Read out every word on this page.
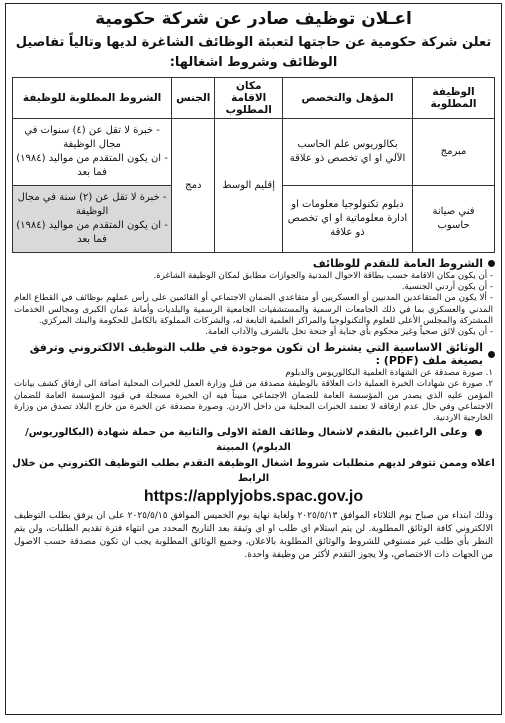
اعـلان توظيف صادر عن شركة حكومية
تعلن شركة حكومية عن حاجتها لتعبئة الوظائف الشاغرة لديها وتالياً تفاصيل الوظائف وشروط اشغالها:
الوظيفة المطلوبة	المؤهل والتخصص	مكان الاقامة المطلوب	الجنس	الشروط المطلوبة للوظيفة
مبرمج	بكالوريوس علم الحاسب الآلي او اي تخصص ذو علاقة	إقليم الوسط	دمج	- خبرة لا تقل عن (٤) سنوات في مجال الوظيفة
- ان يكون المتقدم من مواليد (١٩٨٤) فما بعد

فني صيانة حاسوب	دبلوم تكنولوجيا معلومات او ادارة معلوماتية او اي تخصص ذو علاقة			- خبرة لا تقل عن (٢) سنة في مجال الوظيفة
- ان يكون المتقدم من مواليد (١٩٨٤) فما بعد
الشروط العامة للتقدم للوظائف

- أن يكون مكان الاقامة حسب بطاقة الاحوال المدنية والجوازات مطابق لمكان الوظيفة الشاغرة.

- أن يكون أردني الجنسية.

- ألا يكون من المتقاعدين المدنيين أو العسكريين أو متقاعدي الضمان الاجتماعي أو القائمين على رأس عملهم بوظائف في القطاع العام المدني والعسكري بما في ذلك الجامعات الرسمية والمستشفيات الجامعية الرسمية والبلديات وأمانة عمان الكبرى ومجالس الخدمات المشتركة والمجلس الأعلى للعلوم والتكنولوجيا والمراكز العلمية التابعة له، والشركات المملوكة بالكامل للحكومة والبنك المركزي.

- أن يكون لائق صحياً وغير محكوم بأي جناية أو جنحة تخل بالشرف والآداب العامة.

الوثائق الاساسية التي يشترط ان تكون موجودة في طلب التوظيف الالكتروني وترفق بصيغة ملف (PDF) :

١. صورة مصدقة عن الشهادة العلمية البكالوريوس والدبلوم

٢. صورة عن شهادات الخبرة العملية ذات العلاقة بالوظيفة مصدقة من قبل وزارة العمل للخبرات المحلية اضافة الى ارفاق كشف بيانات المؤمن عليه الذي يصدر من المؤسسة العامة للضمان الاجتماعي مبيناً فيه ان الخبرة مسجلة في قيود المؤسسة العامة للضمان الاجتماعي وفي حال عدم ارفاقه لا تعتمد الخبرات المحلية من داخل الاردن. وصورة مصدقة عن الخبرة من خارج البلاد تصدق من وزارة الخارجية الاردنية.

وعلى الراغبين بالتقدم لاشغال وظائف الفئة الاولى والثانية من حملة شهادة (البكالوريوس/ الدبلوم) المبينة
اعلاه وممن تتوفر لديهم متطلبات شروط اشغال الوظيفة التقدم بطلب التوظيف الكتروني من خلال الرابط
https://applyjobs.spac.gov.jo

وذلك ابتداء من صباح يوم الثلاثاء الموافق ٢٠٢٥/٥/١٣ ولغاية نهاية يوم الخميس الموافق ٢٠٢٥/٥/١٥ على ان يرفق بطلب التوظيف الالكتروني كافة الوثائق المطلوبة. لن يتم استلام اي طلب او اي وثيقة بعد التاريخ المحدد من انتهاء فترة تقديم الطلبات، ولن يتم النظر بأي طلب غير مستوفي للشروط والوثائق المطلوبة بالاعلان، وجميع الوثائق المطلوبة يجب ان تكون مصدقة حسب الاصول من الجهات ذات الاختصاص، ولا يجوز التقدم لأكثر من وظيفة واحدة.
